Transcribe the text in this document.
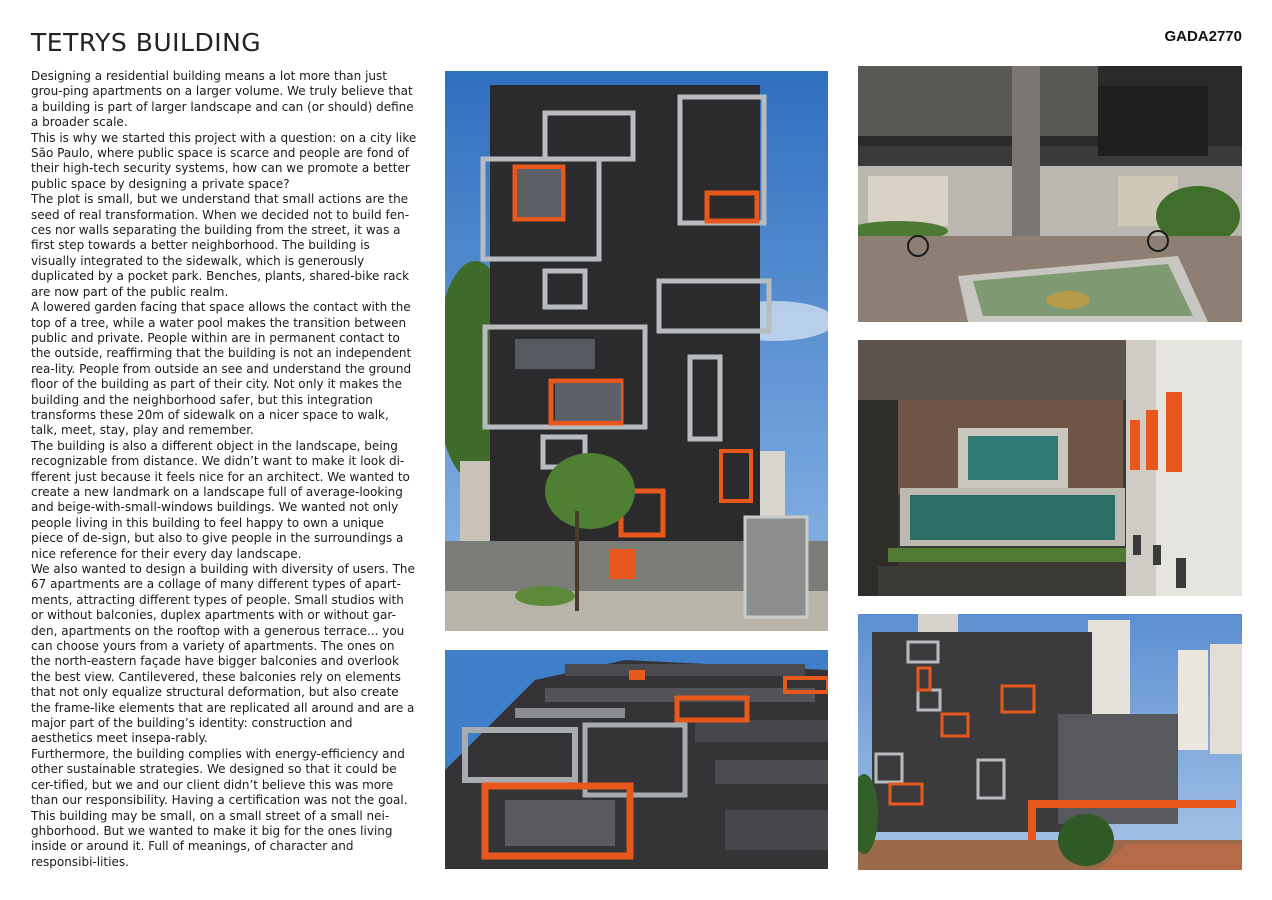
TETRYS BUILDING	GADA2770

Designing a residential building means a lot more than just grou-ping apartments on a larger volume. We truly believe that a building is part of larger landscape and can (or should) define a broader scale.

This is why we started this project with a question: on a city like São Paulo, where public space is scarce and people are fond of their high-tech security systems, how can we promote a better public space by designing a private space?

The plot is small, but we understand that small actions are the seed of real transformation. When we decided not to build fen-ces nor walls separating the building from the street, it was a first step towards a better neighborhood. The building is visually integrated to the sidewalk, which is generously duplicated by a pocket park. Benches, plants, shared-bike rack are now part of the public realm.

A lowered garden facing that space allows the contact with the top of a tree, while a water pool makes the transition between public and private. People within are in permanent contact to the outside, reaffirming that the building is not an independent rea-lity. People from outside an see and understand the ground floor of the building as part of their city. Not only it makes the building and the neighborhood safer, but this integration transforms these 20m of sidewalk on a nicer space to walk, talk, meet, stay, play and remember.

The building is also a different object in the landscape, being recognizable from distance. We didn’t want to make it look di-fferent just because it feels nice for an architect. We wanted to create a new landmark on a landscape full of average-looking and beige-with-small-windows buildings. We wanted not only people living in this building to feel happy to own a unique piece of de-sign, but also to give people in the surroundings a nice reference for their every day landscape.

We also wanted to design a building with diversity of users. The 67 apartments are a collage of many different types of apart-ments, attracting different types of people. Small studios with or without balconies, duplex apartments with or without gar-den, apartments on the rooftop with a generous terrace... you can choose yours from a variety of apartments. The ones on the north-eastern façade have bigger balconies and overlook the best view. Cantilevered, these balconies rely on elements that not only equalize structural deformation, but also create the frame-like elements that are replicated all around and are a major part of the building’s identity: construction and aesthetics meet insepa-rably.

Furthermore, the building complies with energy-efficiency and other sustainable strategies. We designed so that it could be cer-tified, but we and our client didn’t believe this was more than our responsibility. Having a certification was not the goal.

This building may be small, on a small street of a small nei-ghborhood. But we wanted to make it big for the ones living inside or around it. Full of meanings, of character and responsibi-lities.
